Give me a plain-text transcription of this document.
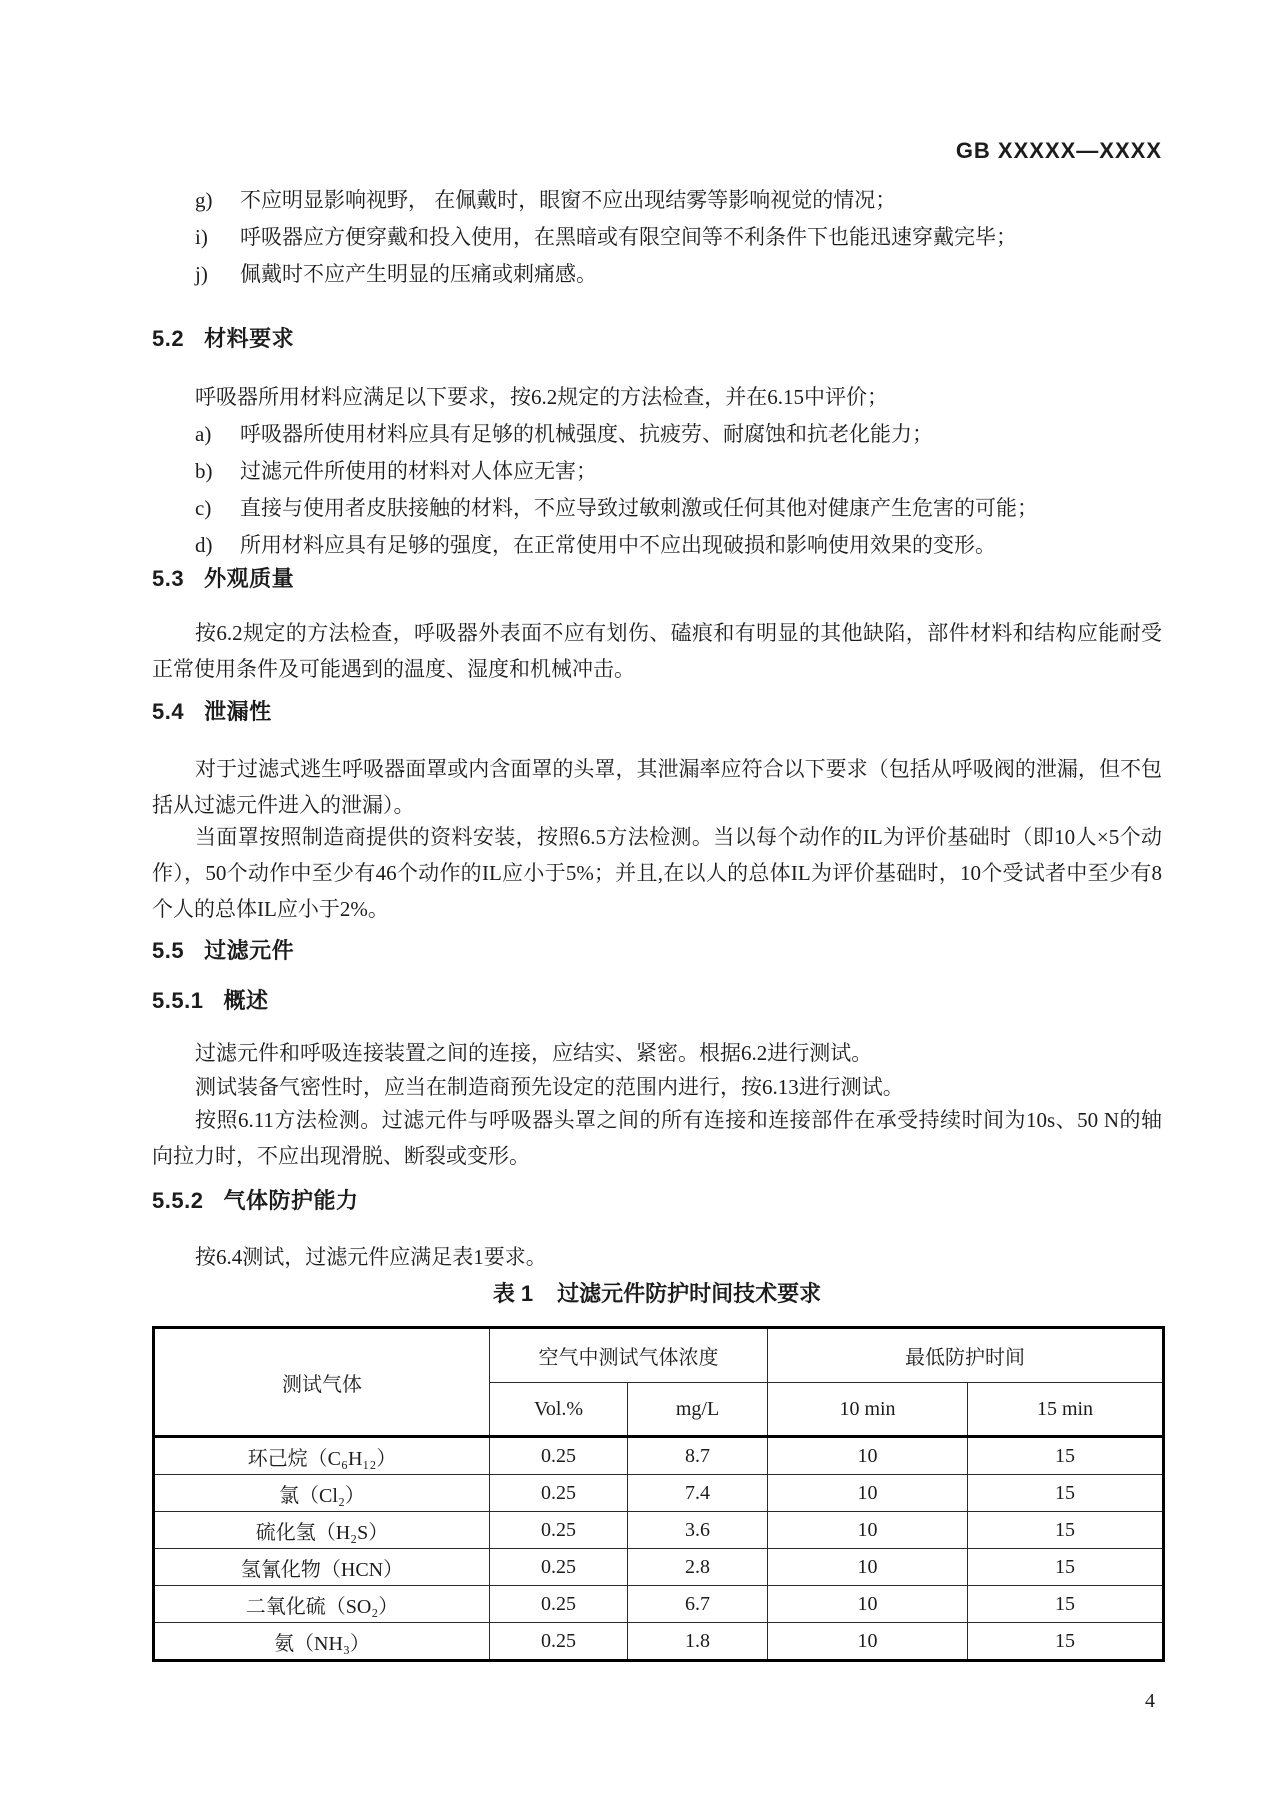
GB XXXXX—XXXX
g)	不应明显影响视野， 在佩戴时，眼窗不应出现结雾等影响视觉的情况；
i)	呼吸器应方便穿戴和投入使用，在黑暗或有限空间等不利条件下也能迅速穿戴完毕；
j)	佩戴时不应产生明显的压痛或刺痛感。
5.2 材料要求

呼吸器所用材料应满足以下要求，按6.2规定的方法检查，并在6.15中评价；

a)	呼吸器所使用材料应具有足够的机械强度、抗疲劳、耐腐蚀和抗老化能力；
b)	过滤元件所使用的材料对人体应无害；
c)	直接与使用者皮肤接触的材料，不应导致过敏刺激或任何其他对健康产生危害的可能；
d)	所用材料应具有足够的强度，在正常使用中不应出现破损和影响使用效果的变形。
5.3 外观质量

按6.2规定的方法检查，呼吸器外表面不应有划伤、磕痕和有明显的其他缺陷，部件材料和结构应能耐受正常使用条件及可能遇到的温度、湿度和机械冲击。

5.4 泄漏性

对于过滤式逃生呼吸器面罩或内含面罩的头罩，其泄漏率应符合以下要求（包括从呼吸阀的泄漏，但不包括从过滤元件进入的泄漏）。

当面罩按照制造商提供的资料安装，按照6.5方法检测。当以每个动作的IL为评价基础时（即10人×5个动作），50个动作中至少有46个动作的IL应小于5%；并且,在以人的总体IL为评价基础时，10个受试者中至少有8个人的总体IL应小于2%。

5.5 过滤元件
5.5.1 概述

过滤元件和呼吸连接装置之间的连接，应结实、紧密。根据6.2进行测试。

测试装备气密性时，应当在制造商预先设定的范围内进行，按6.13进行测试。

按照6.11方法检测。过滤元件与呼吸器头罩之间的所有连接和连接部件在承受持续时间为10s、50 N的轴向拉力时，不应出现滑脱、断裂或变形。

5.5.2 气体防护能力

按6.4测试，过滤元件应满足表1要求。

表 1 过滤元件防护时间技术要求
测试气体	空气中测试气体浓度		最低防护时间	
	Vol.%	mg/L	10 min	15 min
环己烷（C₆H₁₂）	0.25	8.7	10	15
氯（Cl₂）	0.25	7.4	10	15
硫化氢（H₂S）	0.25	3.6	10	15
氢氰化物（HCN）	0.25	2.8	10	15
二氧化硫（SO₂）	0.25	6.7	10	15
氨（NH₃）	0.25	1.8	10	15
4
